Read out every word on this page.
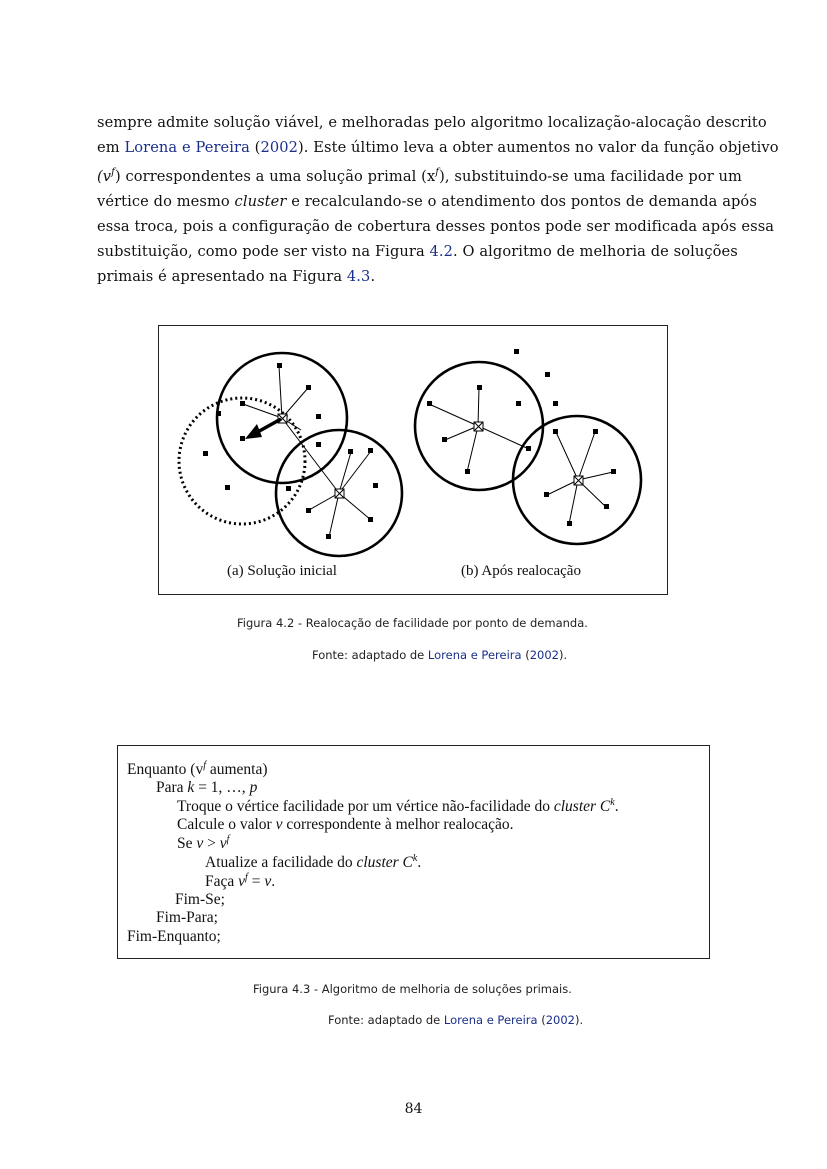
sempre admite solução viável, e melhoradas pelo algoritmo localização-alocação descrito
em Lorena e Pereira (2002). Este último leva a obter aumentos no valor da função objetivo
$(v^f)$ correspondentes a uma solução primal $(x^f)$, substituindo-se uma facilidade por um
vértice do mesmo cluster e recalculando-se o atendimento dos pontos de demanda após
essa troca, pois a configuração de cobertura desses pontos pode ser modificada após essa
substituição, como pode ser visto na Figura 4.2. O algoritmo de melhoria de soluções
primais é apresentado na Figura 4.3.
(a) Solução inicial	(b) Após realocação
Figura 4.2 - Realocação de facilidade por ponto de demanda.
Fonte: adaptado de Lorena e Pereira (2002).
Enquanto ($v^f$ aumenta)
Para k = 1, …, p
Troque o vértice facilidade por um vértice não-facilidade do cluster $C^k$.
Calcule o valor v correspondente à melhor realocação.
Se $v > v^f$
Atualize a facilidade do cluster $C^k$.
Faça $v^f = v$.
Fim-Se;
Fim-Para;
Fim-Enquanto;
Figura 4.3 - Algoritmo de melhoria de soluções primais.
Fonte: adaptado de Lorena e Pereira (2002).
84
